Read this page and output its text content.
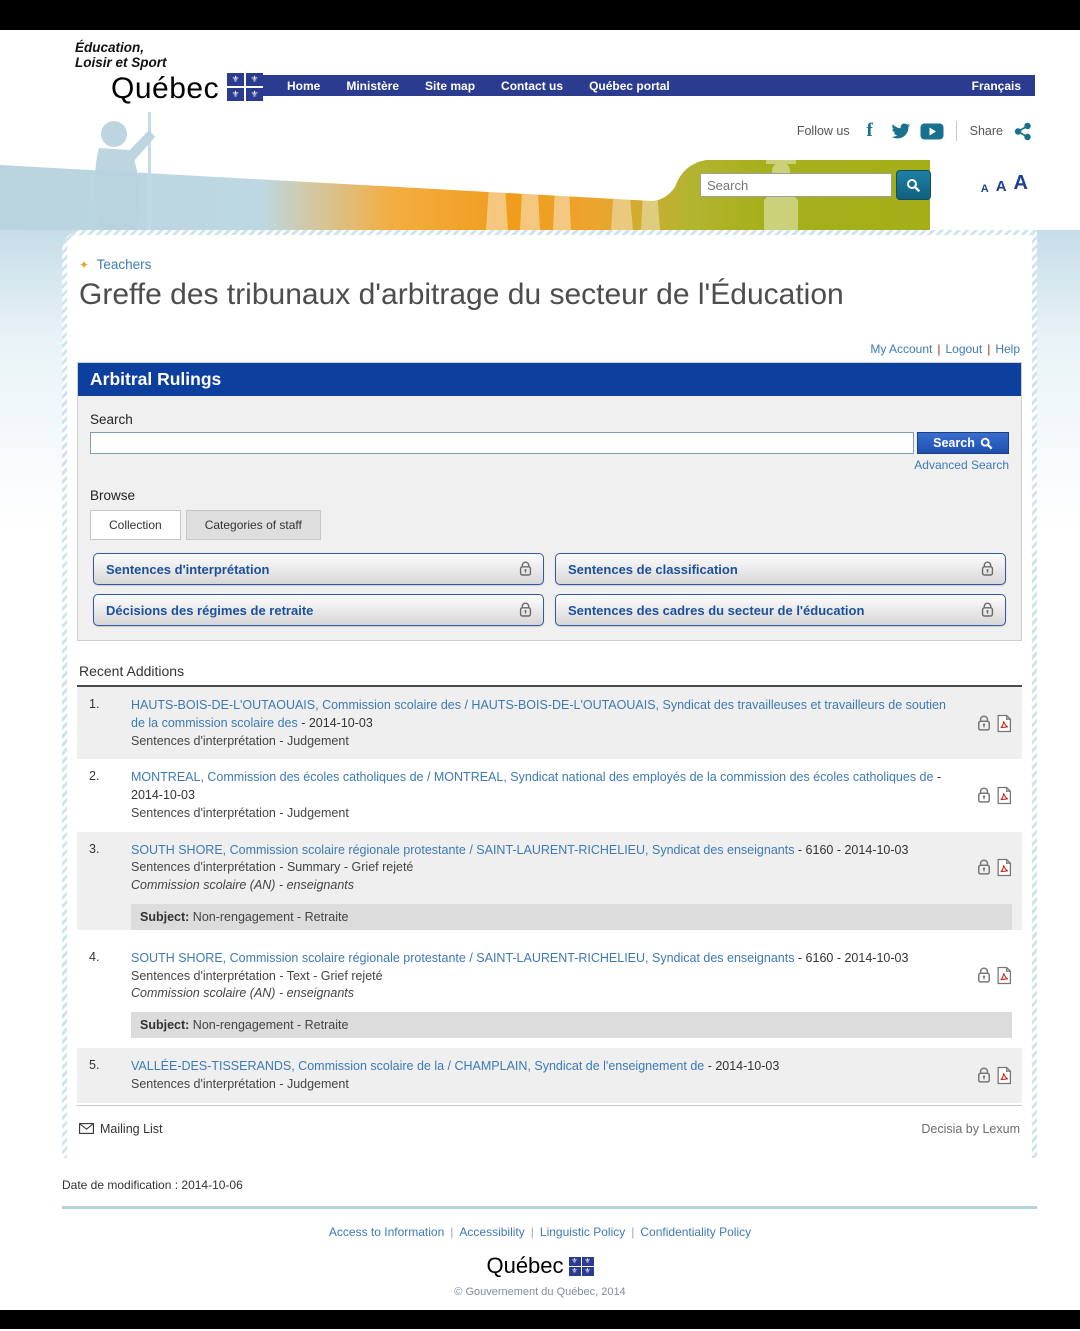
Éducation,
Loisir et Sport
Québec	⚜	⚜
⚜	⚜
Home	Ministère	Site map	Contact us	Québec portal	Français
Follow us f	Share
Search
A A A
✦ Teachers
Greffe des tribunaux d'arbitrage du secteur de l'Éducation
My Account | Logout | Help
Arbitral Rulings
Search
Search
Advanced Search
Browse
Collection	Categories of staff
Sentences d'interprétation	Sentences de classification
Décisions des régimes de retraite	Sentences des cadres du secteur de l'éducation
Recent Additions
1.	HAUTS-BOIS-DE-L'OUTAOUAIS, Commission scolaire des / HAUTS-BOIS-DE-L'OUTAOUAIS, Syndicat des travailleuses et travailleurs de soutien de la commission scolaire des - 2014-10-03
Sentences d'interprétation - Judgement
2.	MONTREAL, Commission des écoles catholiques de / MONTREAL, Syndicat national des employés de la commission des écoles catholiques de - 2014-10-03
Sentences d'interprétation - Judgement
3.	SOUTH SHORE, Commission scolaire régionale protestante / SAINT-LAURENT-RICHELIEU, Syndicat des enseignants - 6160 - 2014-10-03
Sentences d'interprétation - Summary - Grief rejeté
Commission scolaire (AN) - enseignants
Subject: Non-rengagement - Retraite
4.	SOUTH SHORE, Commission scolaire régionale protestante / SAINT-LAURENT-RICHELIEU, Syndicat des enseignants - 6160 - 2014-10-03
Sentences d'interprétation - Text - Grief rejeté
Commission scolaire (AN) - enseignants
Subject: Non-rengagement - Retraite
5.	VALLÉE-DES-TISSERANDS, Commission scolaire de la / CHAMPLAIN, Syndicat de l'enseignement de - 2014-10-03
Sentences d'interprétation - Judgement
Mailing List	Decisia by Lexum
Date de modification : 2014-10-06
Access to Information | Accessibility | Linguistic Policy | Confidentiality Policy
Québec	⚜ ⚜
⚜ ⚜
© Gouvernement du Québec, 2014
